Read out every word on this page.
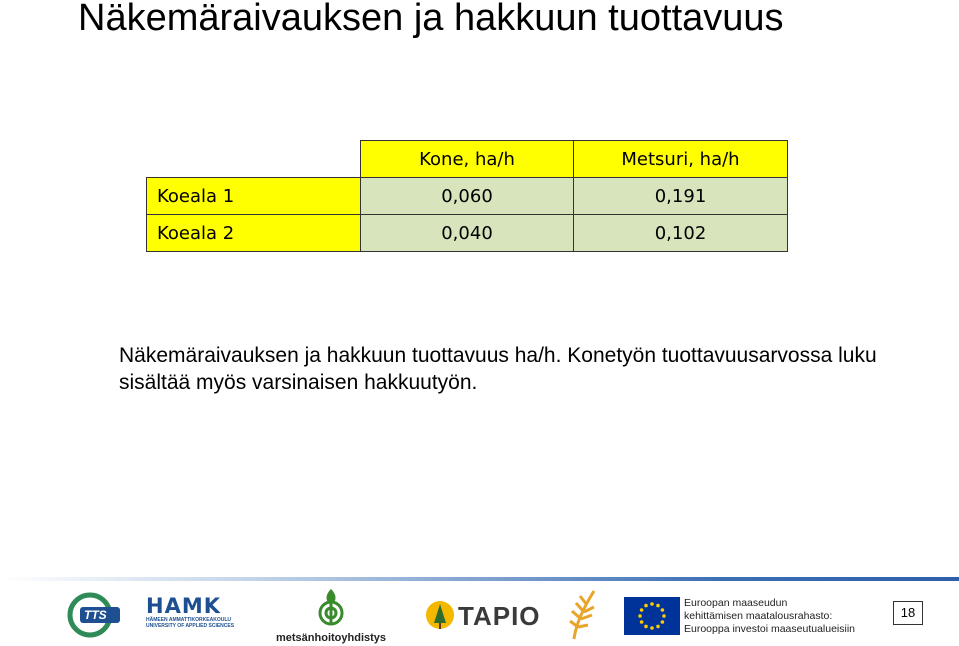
Näkemäraivauksen ja hakkuun tuottavuus
	Kone, ha/h	Metsuri, ha/h
Koeala 1	0,060	0,191
Koeala 2	0,040	0,102

Näkemäraivauksen ja hakkuun tuottavuus ha/h. Konetyön tuottavuusarvossa luku sisältää myös varsinaisen hakkuutyön.

TTS HAMK
HÄMEEN AMMATTIKORKEAKOULU
UNIVERSITY OF APPLIED SCIENCES
metsänhoitoyhdistys
TAPIO	Euroopan maaseudun
kehittämisen maatalousrahasto:
Eurooppa investoi maaseutualueisiin
18
